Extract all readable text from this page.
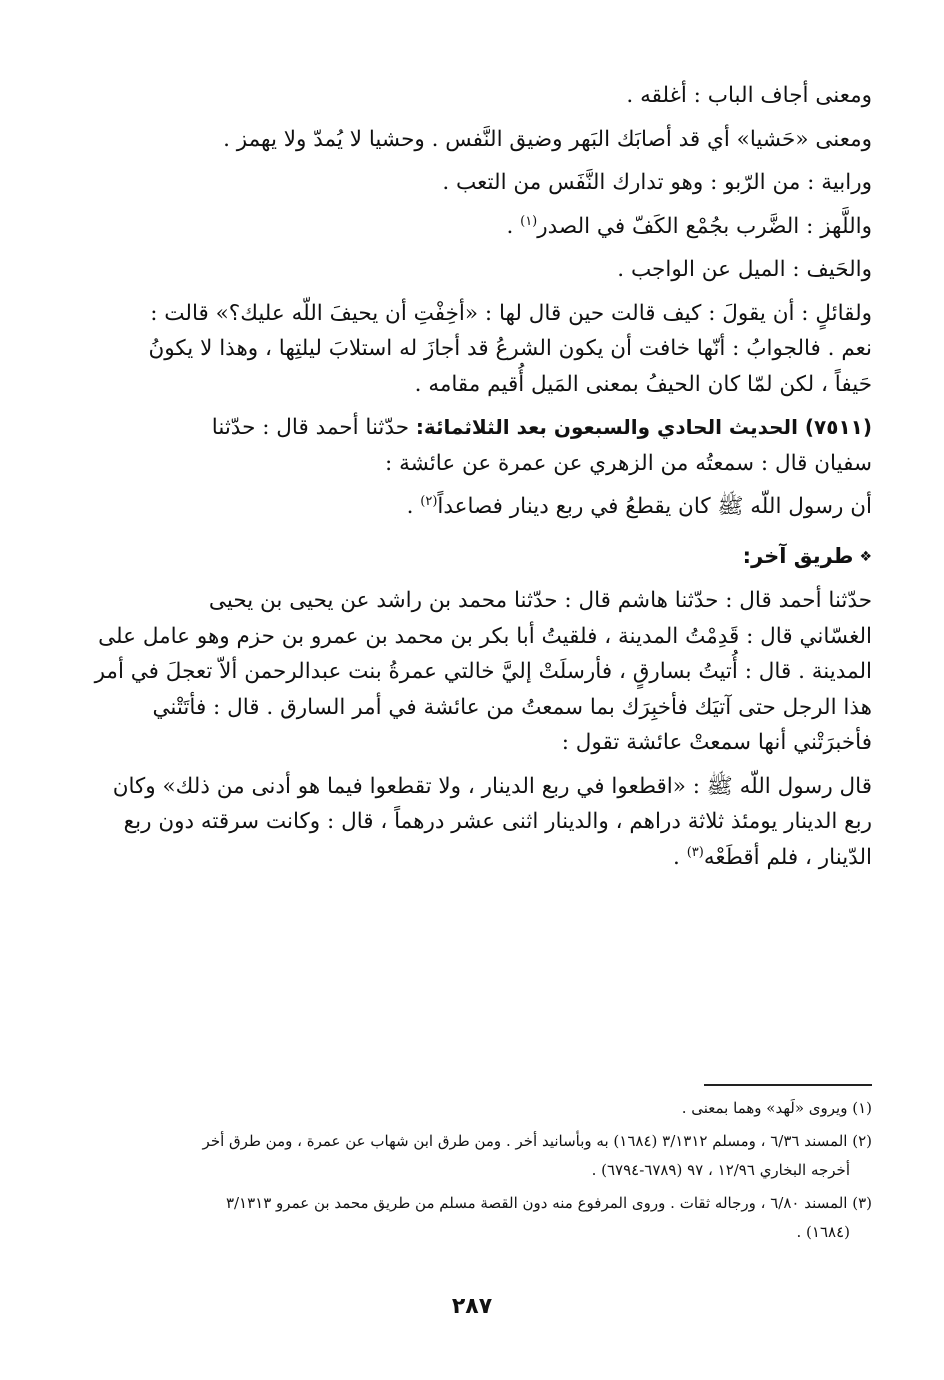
ومعنى أجاف الباب : أغلقه .

ومعنى «حَشيا» أي قد أصابَك البَهر وضيق النَّفس . وحشيا لا يُمدّ ولا يهمز .

ورابية : من الرّبو : وهو تدارك النَّفَس من التعب .

واللَّهز : الضَّرب بجُمْع الكَفّ في الصدر$^{(١)}$ .

والحَيف : الميل عن الواجب .

ولقائلٍ : أن يقولَ : كيف قالت حين قال لها : «أخِفْتِ أن يحيفَ اللّه عليك؟» قالت :

نعم . فالجوابُ : أنّها خافت أن يكون الشرعُ قد أجازَ له استلابَ ليلتِها ، وهذا لا يكونُ

حَيفاً ، لكن لمّا كان الحيفُ بمعنى المَيل أُقيم مقامه .

(٧٥١١) الحديث الحادي والسبعون بعد الثلاثمائة: حدّثنا أحمد قال : حدّثنا

سفيان قال : سمعتُه من الزهري عن عمرة عن عائشة :

أن رسول اللّه ﷺ كان يقطعُ في ربع دينار فصاعداً$^{(٢)}$ .

❖طريق آخر:

حدّثنا أحمد قال : حدّثنا هاشم قال : حدّثنا محمد بن راشد عن يحيى بن يحيى

الغسّاني قال : قَدِمْتُ المدينة ، فلقيتُ أبا بكر بن محمد بن عمرو بن حزم وهو عامل على

المدينة . قال : أُتيتُ بسارقٍ ، فأرسلَتْ إليَّ خالتي عمرةُ بنت عبدالرحمن ألاّ تعجلَ في أمر

هذا الرجل حتى آتيَك فأخبِرَك بما سمعتُ من عائشة في أمر السارق . قال : فأتَتْني

فأخبرَتْني أنها سمعتْ عائشة تقول :

قال رسول اللّه ﷺ : «اقطعوا في ربع الدينار ، ولا تقطعوا فيما هو أدنى من ذلك» وكان

ربع الدينار يومئذ ثلاثة دراهم ، والدينار اثنى عشر درهماً ، قال : وكانت سرقته دون ربع

الدّينار ، فلم أقطَعْه$^{(٣)}$ .

(١) ويروى «لَهد» وهما بمعنى .

(٢) المسند ٦/٣٦ ، ومسلم ٣/١٣١٢ (١٦٨٤) به وبأسانيد أخر . ومن طرق ابن شهاب عن عمرة ، ومن طرق أخر

أخرجه البخاري ١٢/٩٦ ، ٩٧ (٦٧٨٩-٦٧٩٤) .

(٣) المسند ٦/٨٠ ، ورجاله ثقات . وروى المرفوع منه دون القصة مسلم من طريق محمد بن عمرو ٣/١٣١٣

(١٦٨٤) .

٢٨٧
